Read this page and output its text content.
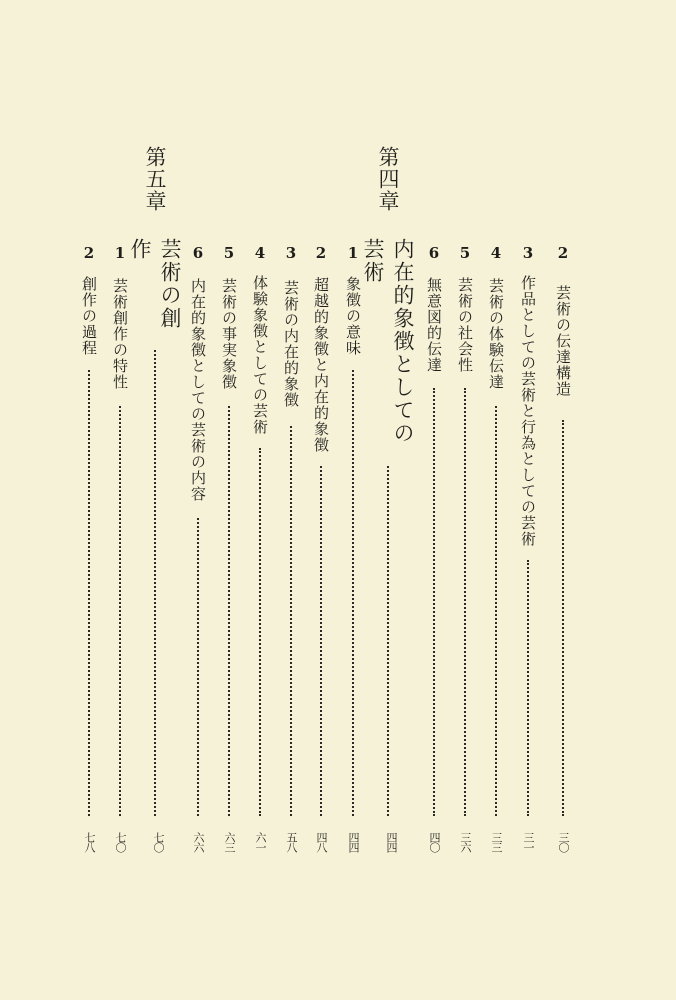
2
芸術の伝達構造
三〇
3
作品としての芸術と行為としての芸術
三一
4
芸術の体験伝達
三三
5
芸術の社会性
三六
6
無意図的伝達
四〇
第四章
内在的象徴としての芸術
四四
1
象徴の意味
四四
2
超越的象徴と内在的象徴
四八
3
芸術の内在的象徴
五八
4
体験象徴としての芸術
六一
5
芸術の事実象徴
六三
6
内在的象徴としての芸術の内容
六六
第五章
芸術の創作
七〇
1
芸術創作の特性
七〇
2
創作の過程
七八
